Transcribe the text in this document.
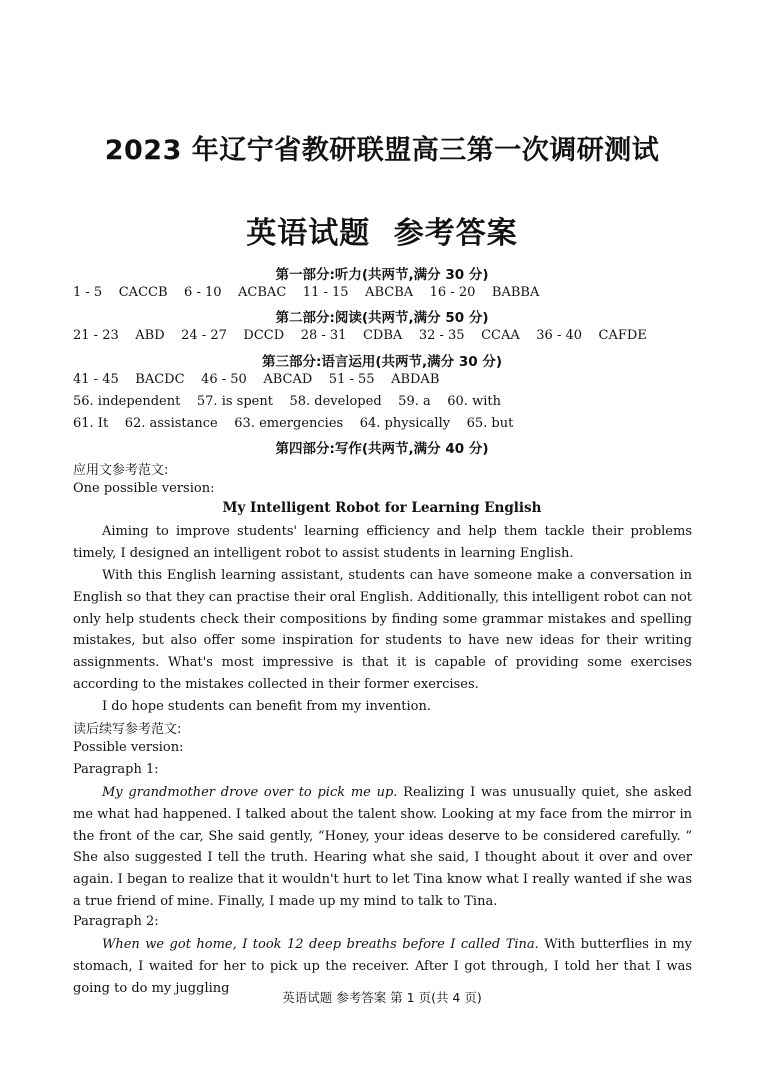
2023 年辽宁省教研联盟高三第一次调研测试
英语试题 参考答案
第一部分:听力(共两节,满分 30 分)
1 - 5    CACCB    6 - 10    ACBAC    11 - 15    ABCBA    16 - 20    BABBA
第二部分:阅读(共两节,满分 50 分)
21 - 23    ABD    24 - 27    DCCD    28 - 31    CDBA    32 - 35    CCAA    36 - 40    CAFDE
第三部分:语言运用(共两节,满分 30 分)
41 - 45    BACDC    46 - 50    ABCAD    51 - 55    ABDAB
56. independent    57. is spent    58. developed    59. a    60. with
61. It    62. assistance    63. emergencies    64. physically    65. but
第四部分:写作(共两节,满分 40 分)
应用文参考范文:
One possible version:
My Intelligent Robot for Learning English

Aiming to improve students' learning efficiency and help them tackle their problems timely, I designed an intelligent robot to assist students in learning English.

With this English learning assistant, students can have someone make a conversation in English so that they can practise their oral English. Additionally, this intelligent robot can not only help students check their compositions by finding some grammar mistakes and spelling mistakes, but also offer some inspiration for students to have new ideas for their writing assignments. What's most impressive is that it is capable of providing some exercises according to the mistakes collected in their former exercises.

I do hope students can benefit from my invention.

读后续写参考范文:
Possible version:
Paragraph 1:

My grandmother drove over to pick me up. Realizing I was unusually quiet, she asked me what had happened. I talked about the talent show. Looking at my face from the mirror in the front of the car, She said gently, “Honey, your ideas deserve to be considered carefully. ” She also suggested I tell the truth. Hearing what she said, I thought about it over and over again. I began to realize that it wouldn't hurt to let Tina know what I really wanted if she was a true friend of mine. Finally, I made up my mind to talk to Tina.

Paragraph 2:

When we got home, I took 12 deep breaths before I called Tina. With butterflies in my stomach, I waited for her to pick up the receiver. After I got through, I told her that I was going to do my juggling

英语试题 参考答案 第 1 页(共 4 页)
